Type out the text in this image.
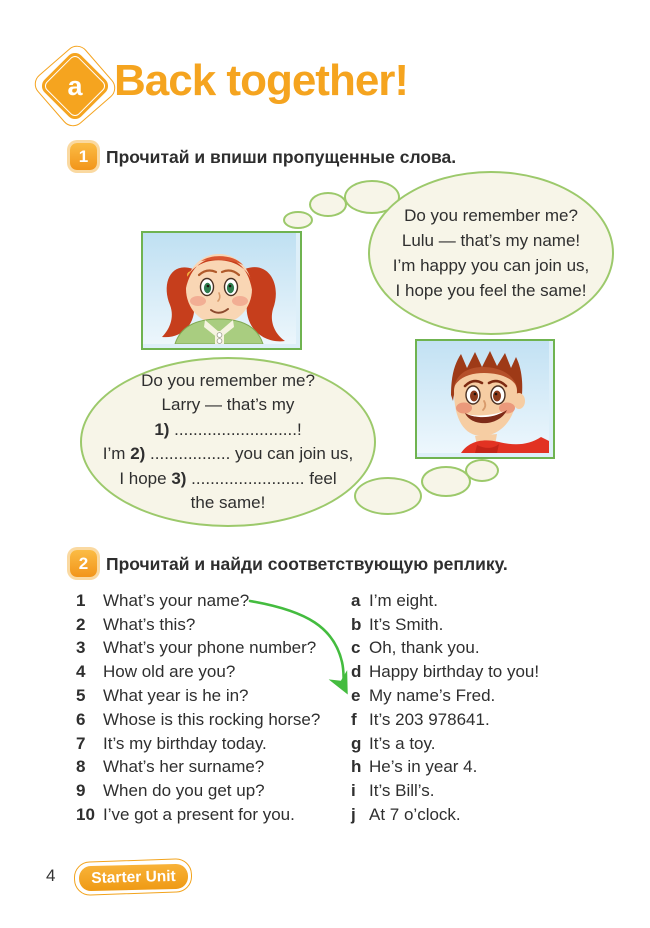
a Back together!
1	Прочитай и впиши пропущенные слова.
Do you remember me?
Lulu — that’s my name!
I’m happy you can join us,
I hope you feel the same!
Do you remember me?
Larry — that’s my
1) ..........................!
I’m 2) ................. you can join us,
I hope 3) ........................ feel
the same!
2	Прочитай и найди соответствующую реплику.
1	What’s your name?
2	What’s this?
3	What’s your phone number?
4	How old are you?
5	What year is he in?
6	Whose is this rocking horse?
7	It’s my birthday today.
8	What’s her surname?
9	When do you get up?
10 I’ve got a present for you.
a I’m eight.
b It’s Smith.
c Oh, thank you.
d Happy birthday to you!
e My name’s Fred.
f It’s 203 978641.
g It’s a toy.
h He’s in year 4.
i It’s Bill’s.
j At 7 o’clock.
4	Starter Unit
